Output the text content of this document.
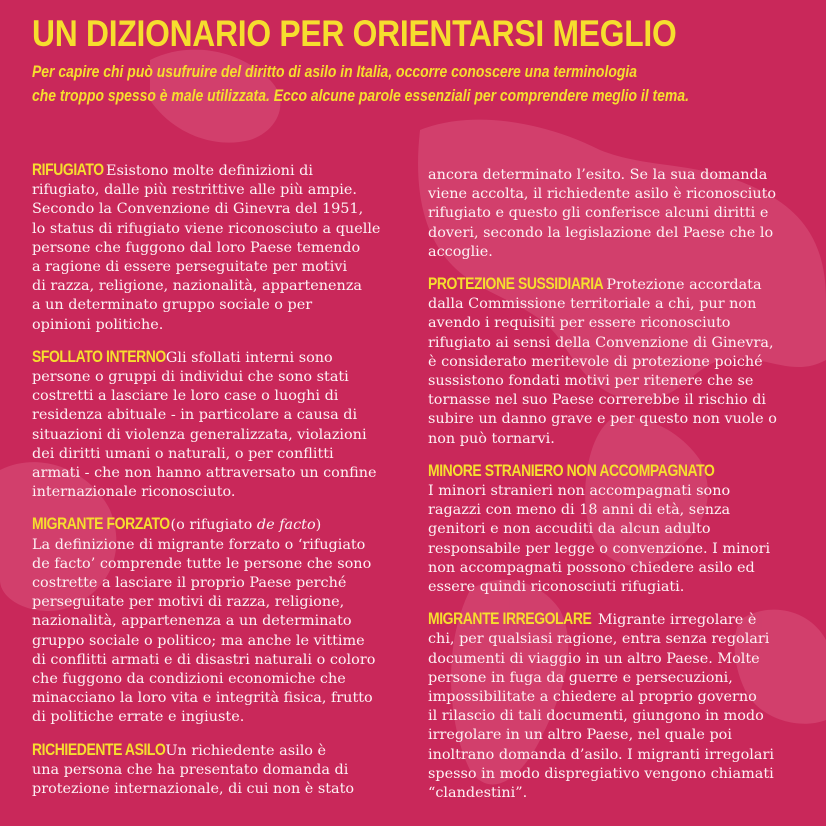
UN DIZIONARIO PER ORIENTARSI MEGLIO

Per capire chi può usufruire del diritto di asilo in Italia, occorre conoscere una terminologia
che troppo spesso è male utilizzata. Ecco alcune parole essenziali per comprendere meglio il tema.

RIFUGIATO Esistono molte definizioni di
rifugiato, dalle più restrittive alle più ampie.
Secondo la Convenzione di Ginevra del 1951,
lo status di rifugiato viene riconosciuto a quelle
persone che fuggono dal loro Paese temendo
a ragione di essere perseguitate per motivi
di razza, religione, nazionalità, appartenenza
a un determinato gruppo sociale o per
opinioni politiche.
SFOLLATO INTERNO Gli sfollati interni sono
persone o gruppi di individui che sono stati
costretti a lasciare le loro case o luoghi di
residenza abituale - in particolare a causa di
situazioni di violenza generalizzata, violazioni
dei diritti umani o naturali, o per conflitti
armati - che non hanno attraversato un confine
internazionale riconosciuto.
MIGRANTE FORZATO (o rifugiato de facto)
La definizione di migrante forzato o ‘rifugiato
de facto’ comprende tutte le persone che sono
costrette a lasciare il proprio Paese perché
perseguitate per motivi di razza, religione,
nazionalità, appartenenza a un determinato
gruppo sociale o politico; ma anche le vittime
di conflitti armati e di disastri naturali o coloro
che fuggono da condizioni economiche che
minacciano la loro vita e integrità fisica, frutto
di politiche errate e ingiuste.
RICHIEDENTE ASILO Un richiedente asilo è
una persona che ha presentato domanda di
protezione internazionale, di cui non è stato
ancora determinato l’esito. Se la sua domanda
viene accolta, il richiedente asilo è riconosciuto
rifugiato e questo gli conferisce alcuni diritti e
doveri, secondo la legislazione del Paese che lo
accoglie.
PROTEZIONE SUSSIDIARIA Protezione accordata
dalla Commissione territoriale a chi, pur non
avendo i requisiti per essere riconosciuto
rifugiato ai sensi della Convenzione di Ginevra,
è considerato meritevole di protezione poiché
sussistono fondati motivi per ritenere che se
tornasse nel suo Paese correrebbe il rischio di
subire un danno grave e per questo non vuole o
non può tornarvi.
MINORE STRANIERO NON ACCOMPAGNATO
I minori stranieri non accompagnati sono
ragazzi con meno di 18 anni di età, senza
genitori e non accuditi da alcun adulto
responsabile per legge o convenzione. I minori
non accompagnati possono chiedere asilo ed
essere quindi riconosciuti rifugiati.
MIGRANTE IRREGOLARE Migrante irregolare è
chi, per qualsiasi ragione, entra senza regolari
documenti di viaggio in un altro Paese. Molte
persone in fuga da guerre e persecuzioni,
impossibilitate a chiedere al proprio governo
il rilascio di tali documenti, giungono in modo
irregolare in un altro Paese, nel quale poi
inoltrano domanda d’asilo. I migranti irregolari
spesso in modo dispregiativo vengono chiamati
“clandestini”.
